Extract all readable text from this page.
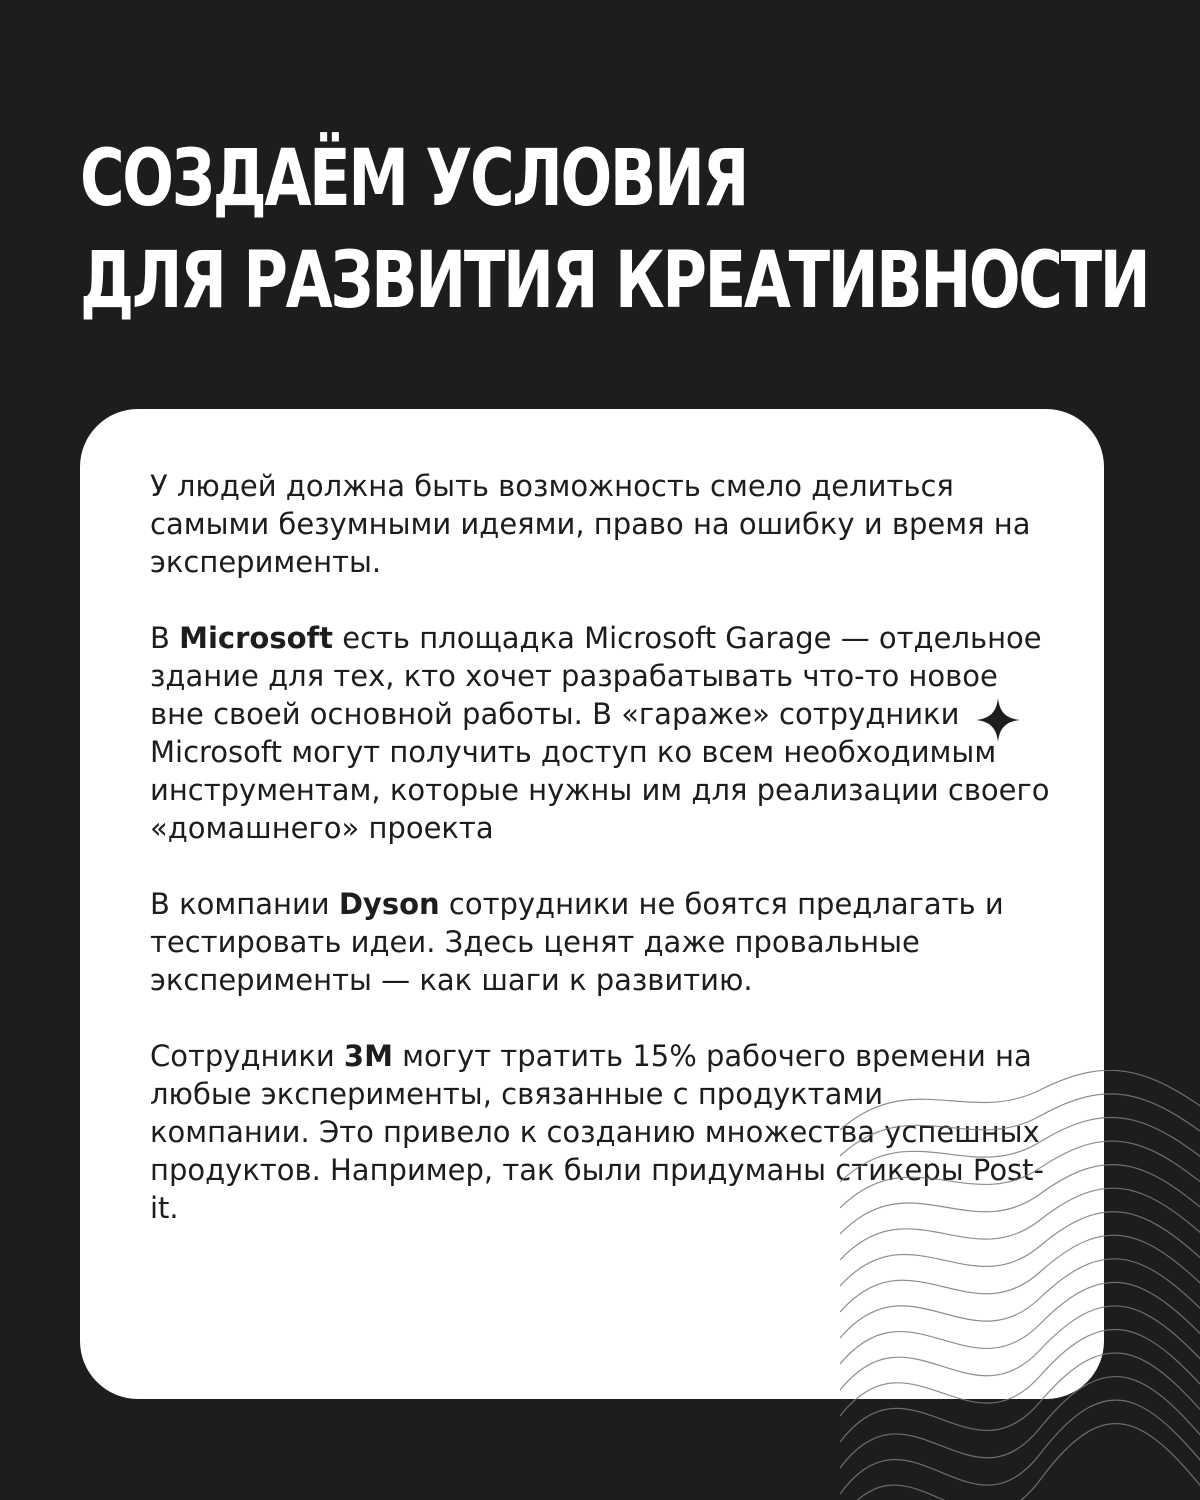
СОЗДАЁМ УСЛОВИЯ
ДЛЯ РАЗВИТИЯ КРЕАТИВНОСТИ

У людей должна быть возможность смело делиться самыми безумными идеями, право на ошибку и время на эксперименты.

В Microsoft есть площадка Microsoft Garage — отдельное здание для тех, кто хочет разрабатывать что-то новое вне своей основной работы. В «гараже» сотрудники Microsoft могут получить доступ ко всем необходимым инструментам, которые нужны им для реализации своего «домашнего» проекта

В компании Dyson сотрудники не боятся предлагать и тестировать идеи. Здесь ценят даже провальные эксперименты — как шаги к развитию.

Сотрудники 3M могут тратить 15% рабочего времени на любые эксперименты, связанные с продуктами компании. Это привело к созданию множества успешных продуктов. Например, так были придуманы стикеры Post-it.
